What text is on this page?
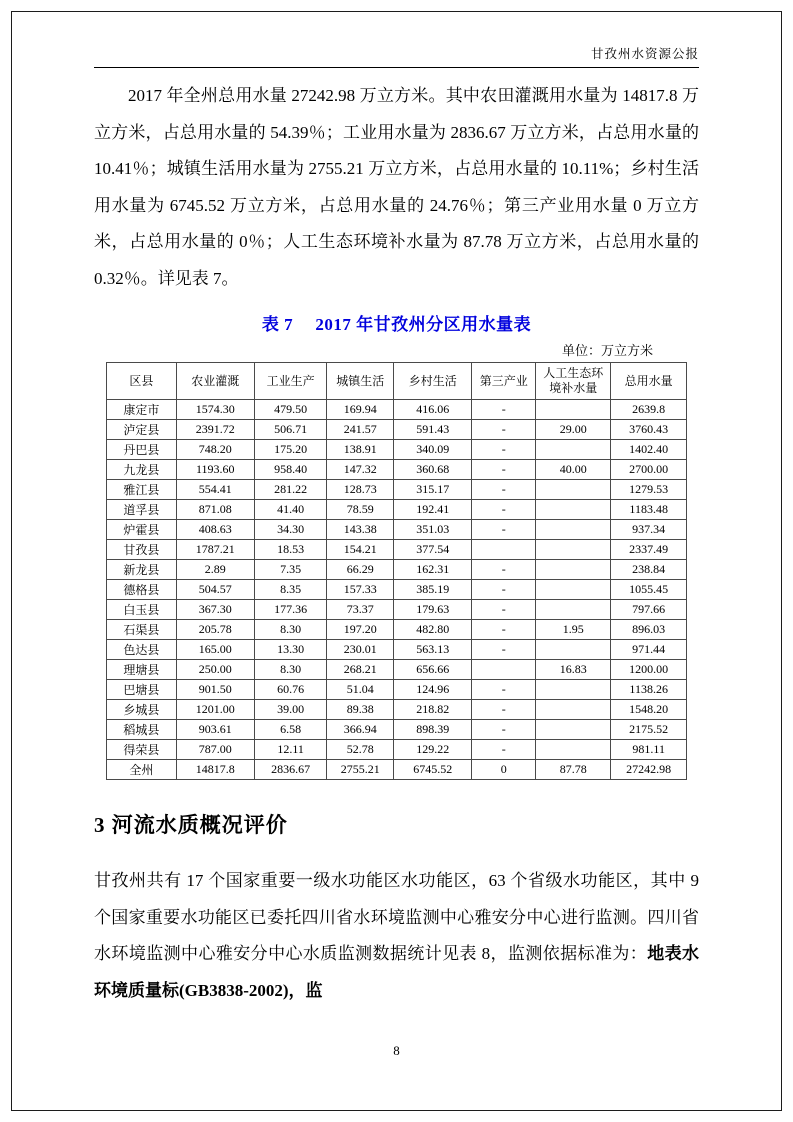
甘孜州水资源公报

2017 年全州总用水量 27242.98 万立方米。其中农田灌溉用水量为 14817.8 万立方米，占总用水量的 54.39％；工业用水量为 2836.67 万立方米，占总用水量的 10.41％；城镇生活用水量为 2755.21 万立方米，占总用水量的 10.11%；乡村生活用水量为 6745.52 万立方米，占总用水量的 24.76％；第三产业用水量 0 万立方米，占总用水量的 0％；人工生态环境补水量为 87.78 万立方米，占总用水量的 0.32％。详见表 7。

表 7　 2017 年甘孜州分区用水量表
单位：万立方米
区县	农业灌溉	工业生产	城镇生活	乡村生活	第三产业	人工生态环境补水量	总用水量
康定市	1574.30	479.50	169.94	416.06	-		2639.8
泸定县	2391.72	506.71	241.57	591.43	-	29.00	3760.43
丹巴县	748.20	175.20	138.91	340.09	-		1402.40
九龙县	1193.60	958.40	147.32	360.68	-	40.00	2700.00
雅江县	554.41	281.22	128.73	315.17	-		1279.53
道孚县	871.08	41.40	78.59	192.41	-		1183.48
炉霍县	408.63	34.30	143.38	351.03	-		937.34
甘孜县	1787.21	18.53	154.21	377.54			2337.49
新龙县	2.89	7.35	66.29	162.31	-		238.84
德格县	504.57	8.35	157.33	385.19	-		1055.45
白玉县	367.30	177.36	73.37	179.63	-		797.66
石渠县	205.78	8.30	197.20	482.80	-	1.95	896.03
色达县	165.00	13.30	230.01	563.13	-		971.44
理塘县	250.00	8.30	268.21	656.66		16.83	1200.00
巴塘县	901.50	60.76	51.04	124.96	-		1138.26
乡城县	1201.00	39.00	89.38	218.82	-		1548.20
稻城县	903.61	6.58	366.94	898.39	-		2175.52
得荣县	787.00	12.11	52.78	129.22	-		981.11
全州	14817.8	2836.67	2755.21	6745.52	0	87.78	27242.98
3 河流水质概况评价

甘孜州共有 17 个国家重要一级水功能区水功能区，63 个省级水功能区，其中 9 个国家重要水功能区已委托四川省水环境监测中心雅安分中心进行监测。四川省水环境监测中心雅安分中心水质监测数据统计见表 8，监测依据标准为：地表水环境质量标(GB3838-2002)，监

8
